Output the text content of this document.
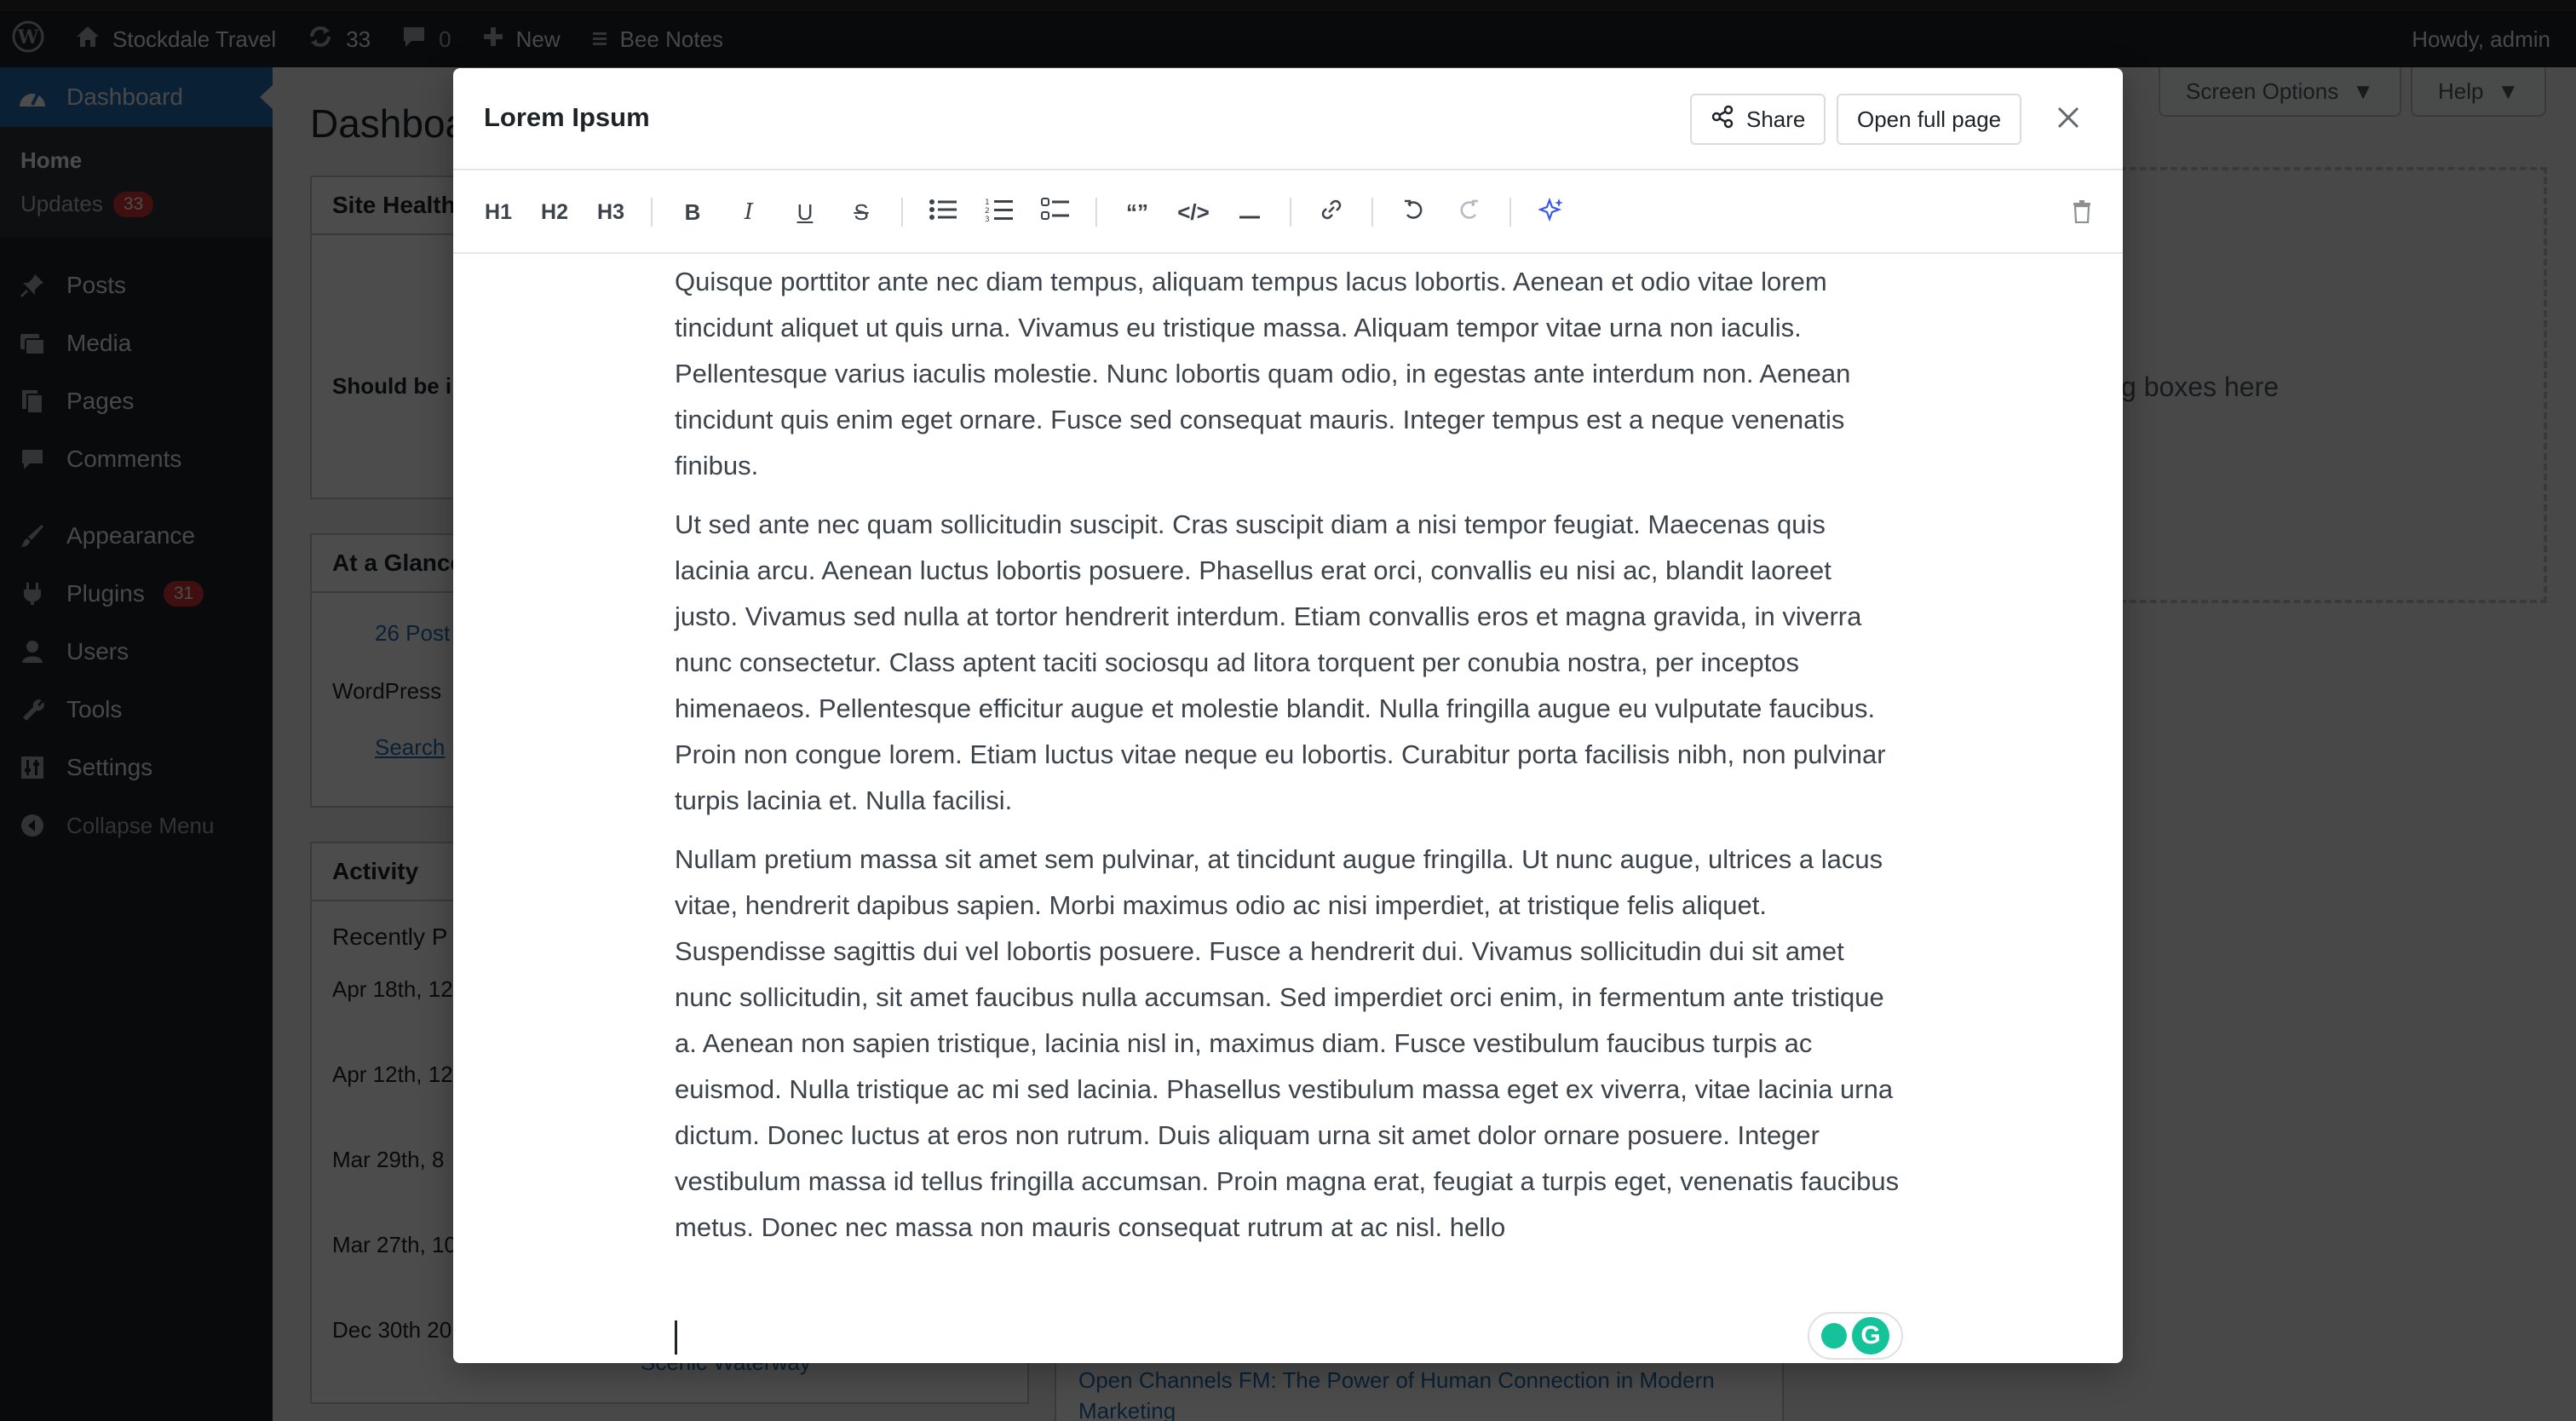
Lorem Ipsum	Share Open full page
H1	H2	H3	B	I	U	S	1
2
3	“”	</>

Quisque porttitor ante nec diam tempus, aliquam tempus lacus lobortis. Aenean et odio vitae lorem tincidunt aliquet ut quis urna. Vivamus eu tristique massa. Aliquam tempor vitae urna non iaculis. Pellentesque varius iaculis molestie. Nunc lobortis quam odio, in egestas ante interdum non. Aenean tincidunt quis enim eget ornare. Fusce sed consequat mauris. Integer tempus est a neque venenatis finibus.

Ut sed ante nec quam sollicitudin suscipit. Cras suscipit diam a nisi tempor feugiat. Maecenas quis lacinia arcu. Aenean luctus lobortis posuere. Phasellus erat orci, convallis eu nisi ac, blandit laoreet justo. Vivamus sed nulla at tortor hendrerit interdum. Etiam convallis eros et magna gravida, in viverra nunc consectetur. Class aptent taciti sociosqu ad litora torquent per conubia nostra, per inceptos himenaeos. Pellentesque efficitur augue et molestie blandit. Nulla fringilla augue eu vulputate faucibus. Proin non congue lorem. Etiam luctus vitae neque eu lobortis. Curabitur porta facilisis nibh, non pulvinar turpis lacinia et. Nulla facilisi.

Nullam pretium massa sit amet sem pulvinar, at tincidunt augue fringilla. Ut nunc augue, ultrices a lacus vitae, hendrerit dapibus sapien. Morbi maximus odio ac nisi imperdiet, at tristique felis aliquet. Suspendisse sagittis dui vel lobortis posuere. Fusce a hendrerit dui. Vivamus sollicitudin dui sit amet nunc sollicitudin, sit amet faucibus nulla accumsan. Sed imperdiet orci enim, in fermentum ante tristique a. Aenean non sapien tristique, lacinia nisl in, maximus diam. Fusce vestibulum faucibus turpis ac euismod. Nulla tristique ac mi sed lacinia. Phasellus vestibulum massa eget ex viverra, vitae lacinia urna dictum. Donec luctus at eros non rutrum. Duis aliquam urna sit amet dolor ornare posuere. Integer vestibulum massa id tellus fringilla accumsan. Proin magna erat, feugiat a turpis eget, venenatis faucibus metus. Donec nec massa non mauris consequat rutrum at ac nisl. hello

G
